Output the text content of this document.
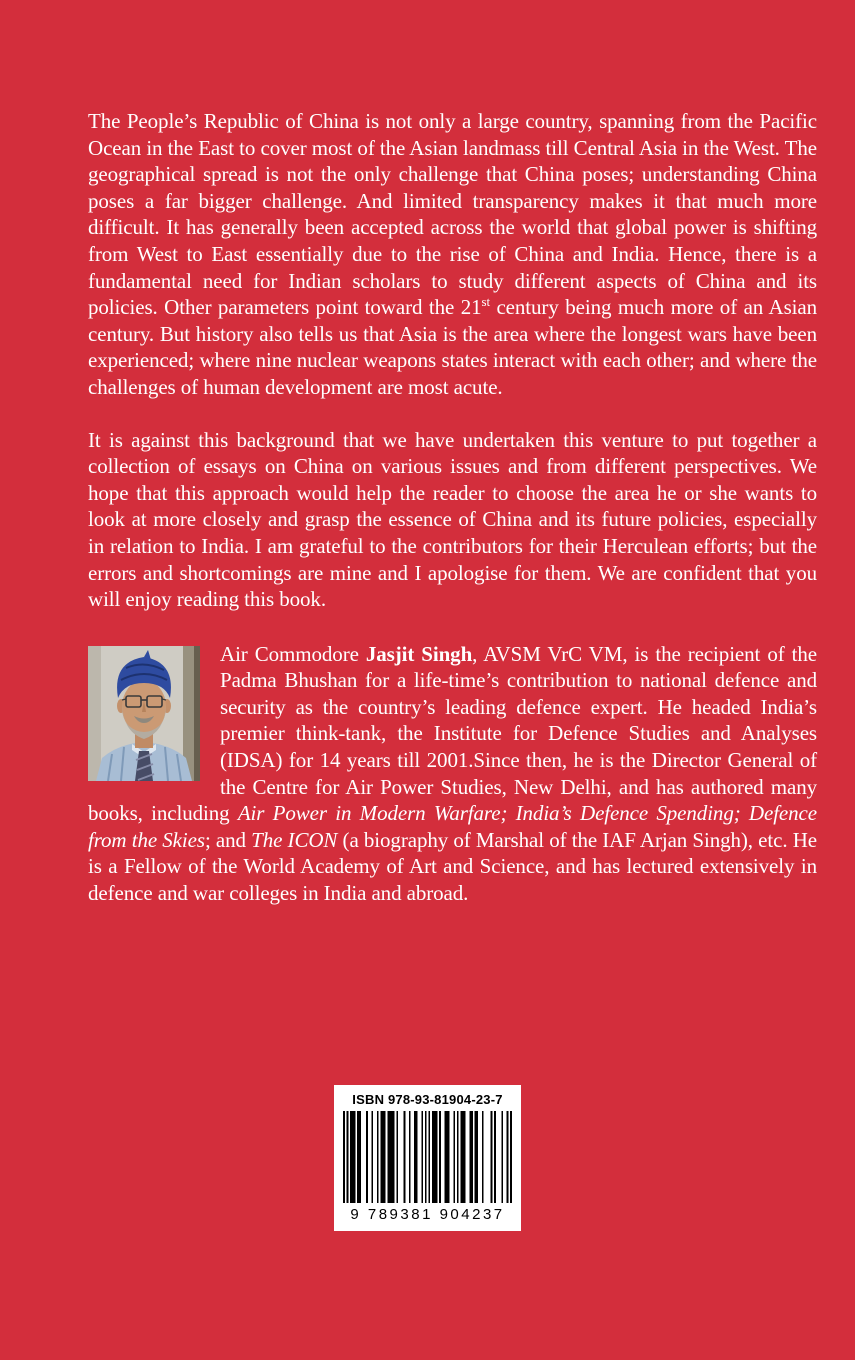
The People’s Republic of China is not only a large country, spanning from the Pacific Ocean in the East to cover most of the Asian landmass till Central Asia in the West. The geographical spread is not the only challenge that China poses; understanding China poses a far bigger challenge. And limited transparency makes it that much more difficult. It has generally been accepted across the world that global power is shifting from West to East essentially due to the rise of China and India. Hence, there is a fundamental need for Indian scholars to study different aspects of China and its policies. Other parameters point toward the 21st century being much more of an Asian century. But history also tells us that Asia is the area where the longest wars have been experienced; where nine nuclear weapons states interact with each other; and where the challenges of human development are most acute.

It is against this background that we have undertaken this venture to put together a collection of essays on China on various issues and from different perspectives. We hope that this approach would help the reader to choose the area he or she wants to look at more closely and grasp the essence of China and its future policies, especially in relation to India. I am grateful to the contributors for their Herculean efforts; but the errors and shortcomings are mine and I apologise for them. We are confident that you will enjoy reading this book.

Air Commodore Jasjit Singh, AVSM VrC VM, is the recipient of the Padma Bhushan for a life-time’s contribution to national defence and security as the country’s leading defence expert. He headed India’s premier think-tank, the Institute for Defence Studies and Analyses (IDSA) for 14 years till 2001.Since then, he is the Director General of the Centre for Air Power Studies, New Delhi, and has authored many books, including Air Power in Modern Warfare; India’s Defence Spending; Defence from the Skies; and The ICON (a biography of Marshal of the IAF Arjan Singh), etc. He is a Fellow of the World Academy of Art and Science, and has lectured extensively in defence and war colleges in India and abroad.

ISBN 978-93-81904-23-7
9 789381 904237
